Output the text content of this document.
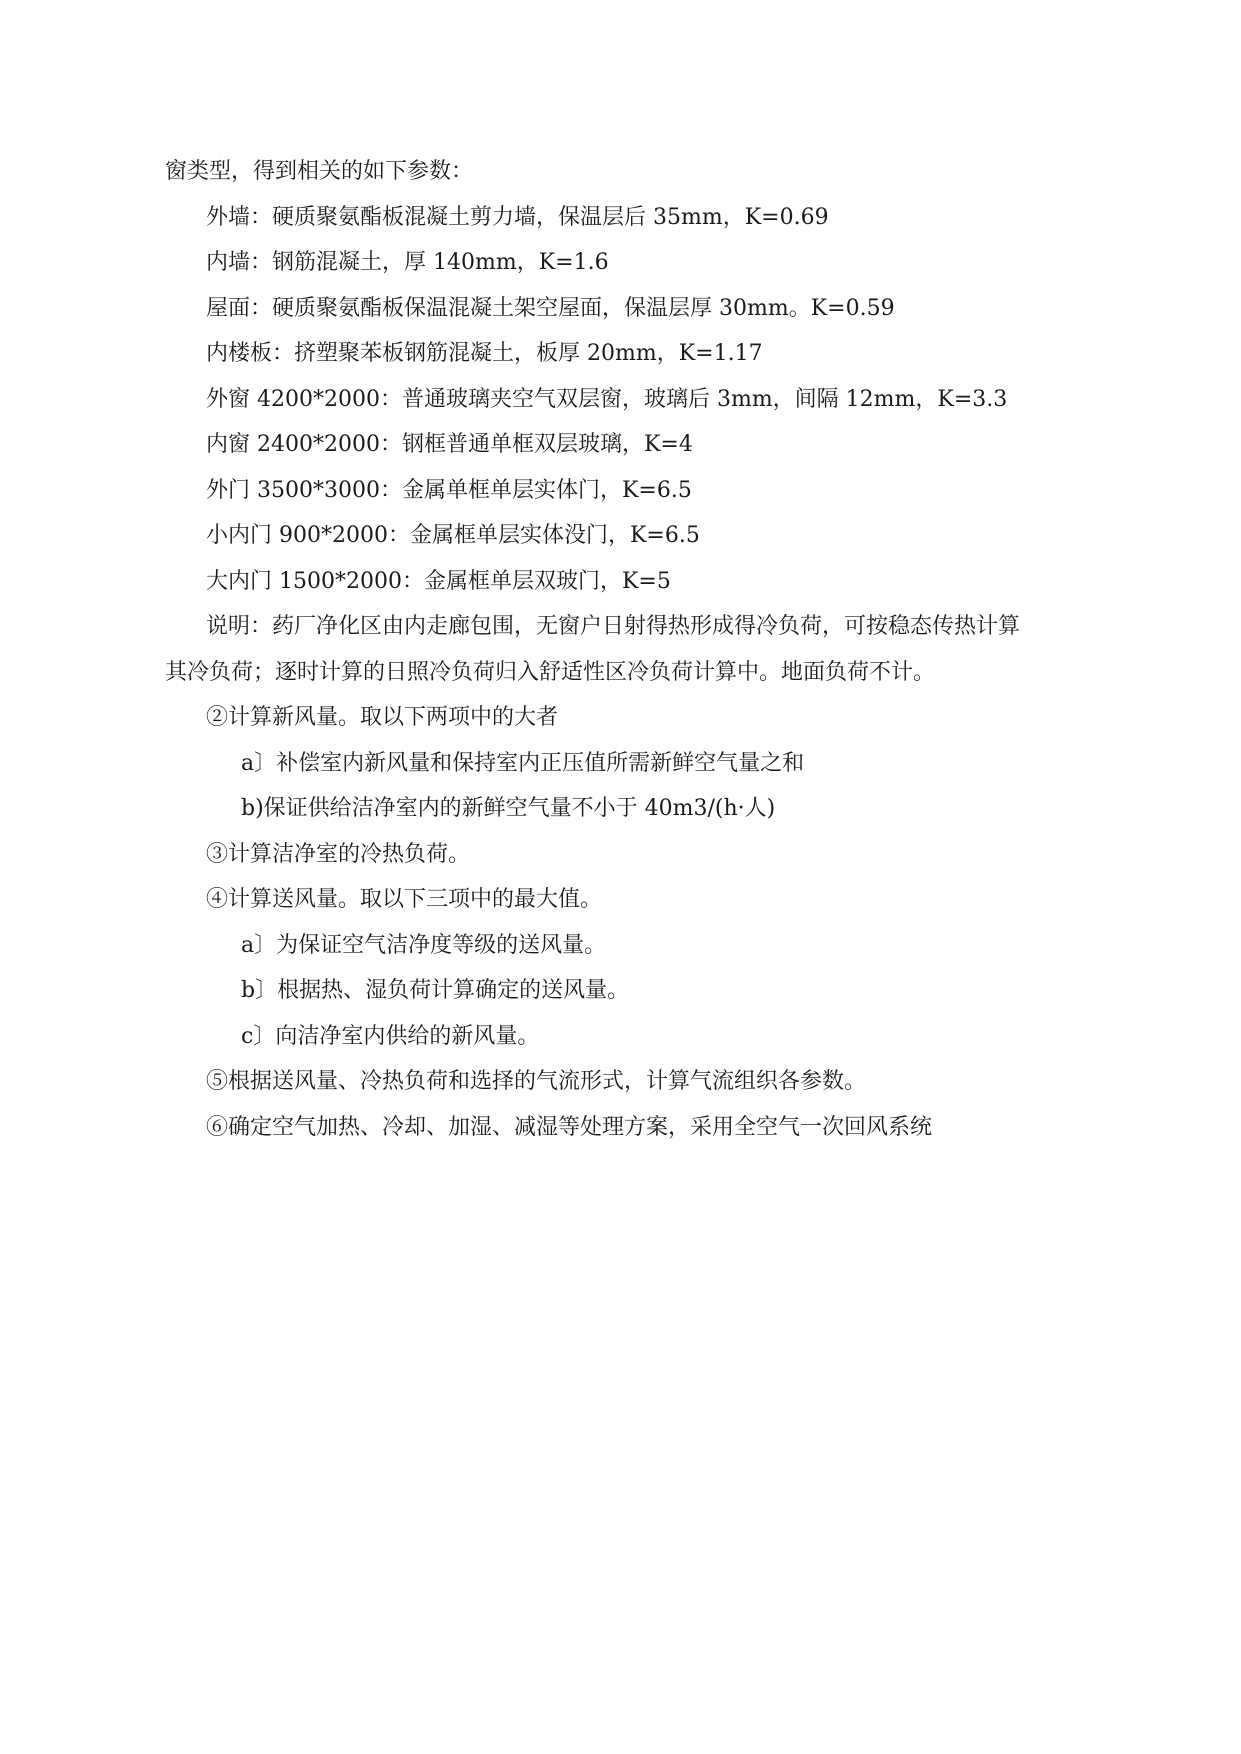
窗类型，得到相关的如下参数：
外墙：硬质聚氨酯板混凝土剪力墙，保温层后 35mm，K=0.69
内墙：钢筋混凝土，厚 140mm，K=1.6
屋面：硬质聚氨酯板保温混凝土架空屋面，保温层厚 30mm。K=0.59
内楼板：挤塑聚苯板钢筋混凝土，板厚 20mm，K=1.17
外窗 4200*2000：普通玻璃夹空气双层窗，玻璃后 3mm，间隔 12mm，K=3.3
内窗 2400*2000：钢框普通单框双层玻璃，K=4
外门 3500*3000：金属单框单层实体门，K=6.5
小内门 900*2000：金属框单层实体没门，K=6.5
大内门 1500*2000：金属框单层双玻门，K=5
说明：药厂净化区由内走廊包围，无窗户日射得热形成得冷负荷，可按稳态传热计算
其冷负荷；逐时计算的日照冷负荷归入舒适性区冷负荷计算中。地面负荷不计。
②计算新风量。取以下两项中的大者
a〕补偿室内新风量和保持室内正压值所需新鲜空气量之和
b)保证供给洁净室内的新鲜空气量不小于 40m3/(h·人)
③计算洁净室的冷热负荷。
④计算送风量。取以下三项中的最大值。
a〕为保证空气洁净度等级的送风量。
b〕根据热、湿负荷计算确定的送风量。
c〕向洁净室内供给的新风量。
⑤根据送风量、冷热负荷和选择的气流形式，计算气流组织各参数。
⑥确定空气加热、冷却、加湿、减湿等处理方案，采用全空气一次回风系统
